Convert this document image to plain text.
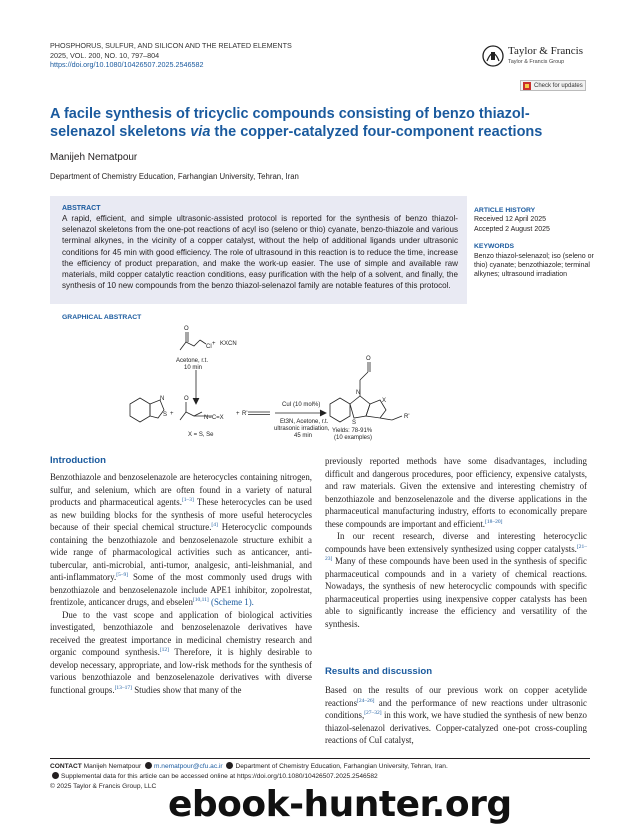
PHOSPHORUS, SULFUR, AND SILICON AND THE RELATED ELEMENTS
2025, VOL. 200, NO. 10, 797–804
https://doi.org/10.1080/10426507.2025.2546582
Taylor & Francis
Taylor & Francis Group
Check for updates
A facile synthesis of tricyclic compounds consisting of benzo thiazol-selenazol skeletons via the copper-catalyzed four-component reactions
Manijeh Nematpour
Department of Chemistry Education, Farhangian University, Tehran, Iran
ABSTRACT
A rapid, efficient, and simple ultrasonic-assisted protocol is reported for the synthesis of benzo thiazol-selenazol skeletons from the one-pot reactions of acyl iso (seleno or thio) cyanate, benzo-thiazole and various terminal alkynes, in the vicinity of a copper catalyst, without the help of additional ligands under ultrasonic conditions for 45 min with good efficiency. The role of ultrasound in this reaction is to reduce the time, increase the efficiency of product preparation, and make the work-up easier. The use of simple and available raw materials, mild copper catalytic reaction conditions, easy purification with the help of a solvent, and finally, the synthesis of 10 new compounds from the benzo thiazol-selenazol family are notable features of this protocol.
ARTICLE HISTORY
Received 12 April 2025
Accepted 2 August 2025
KEYWORDS
Benzo thiazol-selenazol; iso (seleno or thio) cyanate; benzothiazole; terminal alkynes; ultrasound irradiation
GRAPHICAL ABSTRACT
O
Cl + KXCN
Acetone, r.t.
10 min
N
S +
O
N=C=X
+ R'
X = S, Se
CuI (10 mol%)
Et3N, Acetone, r.t.
ultrasonic irradiation,
45 min
O
N
X
R'
S
Yields: 78-91%
(10 examples)
Introduction

Benzothiazole and benzoselenazole are heterocycles containing nitrogen, sulfur, and selenium, which are often found in a variety of natural products and pharmaceutical agents.[1–3] These heterocycles can be used as new building blocks for the synthesis of more useful heterocycles because of their special chemical structure.[4] Heterocyclic compounds containing the benzothiazole and benzoselenazole structure exhibit a wide range of pharmacological activities such as anticancer, anti-tubercular, anti-microbial, anti-tumor, analgesic, anti-leishmanial, and anti-inflammatory.[5–9] Some of the most commonly used drugs with benzothiazole and benzoselenazole include APE1 inhibitor, zopolrestat, frentizole, anticancer drugs, and ebselen[10,11] (Scheme 1).

Due to the vast scope and application of biological activities investigated, benzothiazole and benzoselenazole derivatives have received the greatest importance in medicinal chemistry research and organic compound synthesis.[12] Therefore, it is highly desirable to develop necessary, appropriate, and low-risk methods for the synthesis of various benzothiazole and benzoselenazole derivatives with diverse functional groups.[13–17] Studies show that many of the

previously reported methods have some disadvantages, including difficult and dangerous procedures, poor efficiency, expensive catalysts, and raw materials. Given the extensive and interesting chemistry of benzothiazole and benzoselenazole and the diverse applications in the pharmaceutical manufacturing industry, efforts to economically prepare these compounds are important and efficient.[18–20]

In our recent research, diverse and interesting heterocyclic compounds have been extensively synthesized using copper catalysts.[21–23] Many of these compounds have been used in the synthesis of specific pharmaceutical compounds and in a variety of chemical reactions. Nowadays, the synthesis of new heterocyclic compounds with specific pharmaceutical properties using inexpensive copper catalysts has been able to significantly increase the efficiency and versatility of the synthesis.

Results and discussion

Based on the results of our previous work on copper acetylide reactions[24–26] and the performance of new reactions under ultrasonic conditions,[27–32] in this work, we have studied the synthesis of new benzo thiazol-selenazol derivatives. Copper-catalyzed one-pot cross-coupling reactions of CuI catalyst,

CONTACT Manijeh Nematpour m.nematpour@cfu.ac.ir Department of Chemistry Education, Farhangian University, Tehran, Iran.
Supplemental data for this article can be accessed online at https://doi.org/10.1080/10426507.2025.2546582
© 2025 Taylor & Francis Group, LLC ebook-hunter.org
